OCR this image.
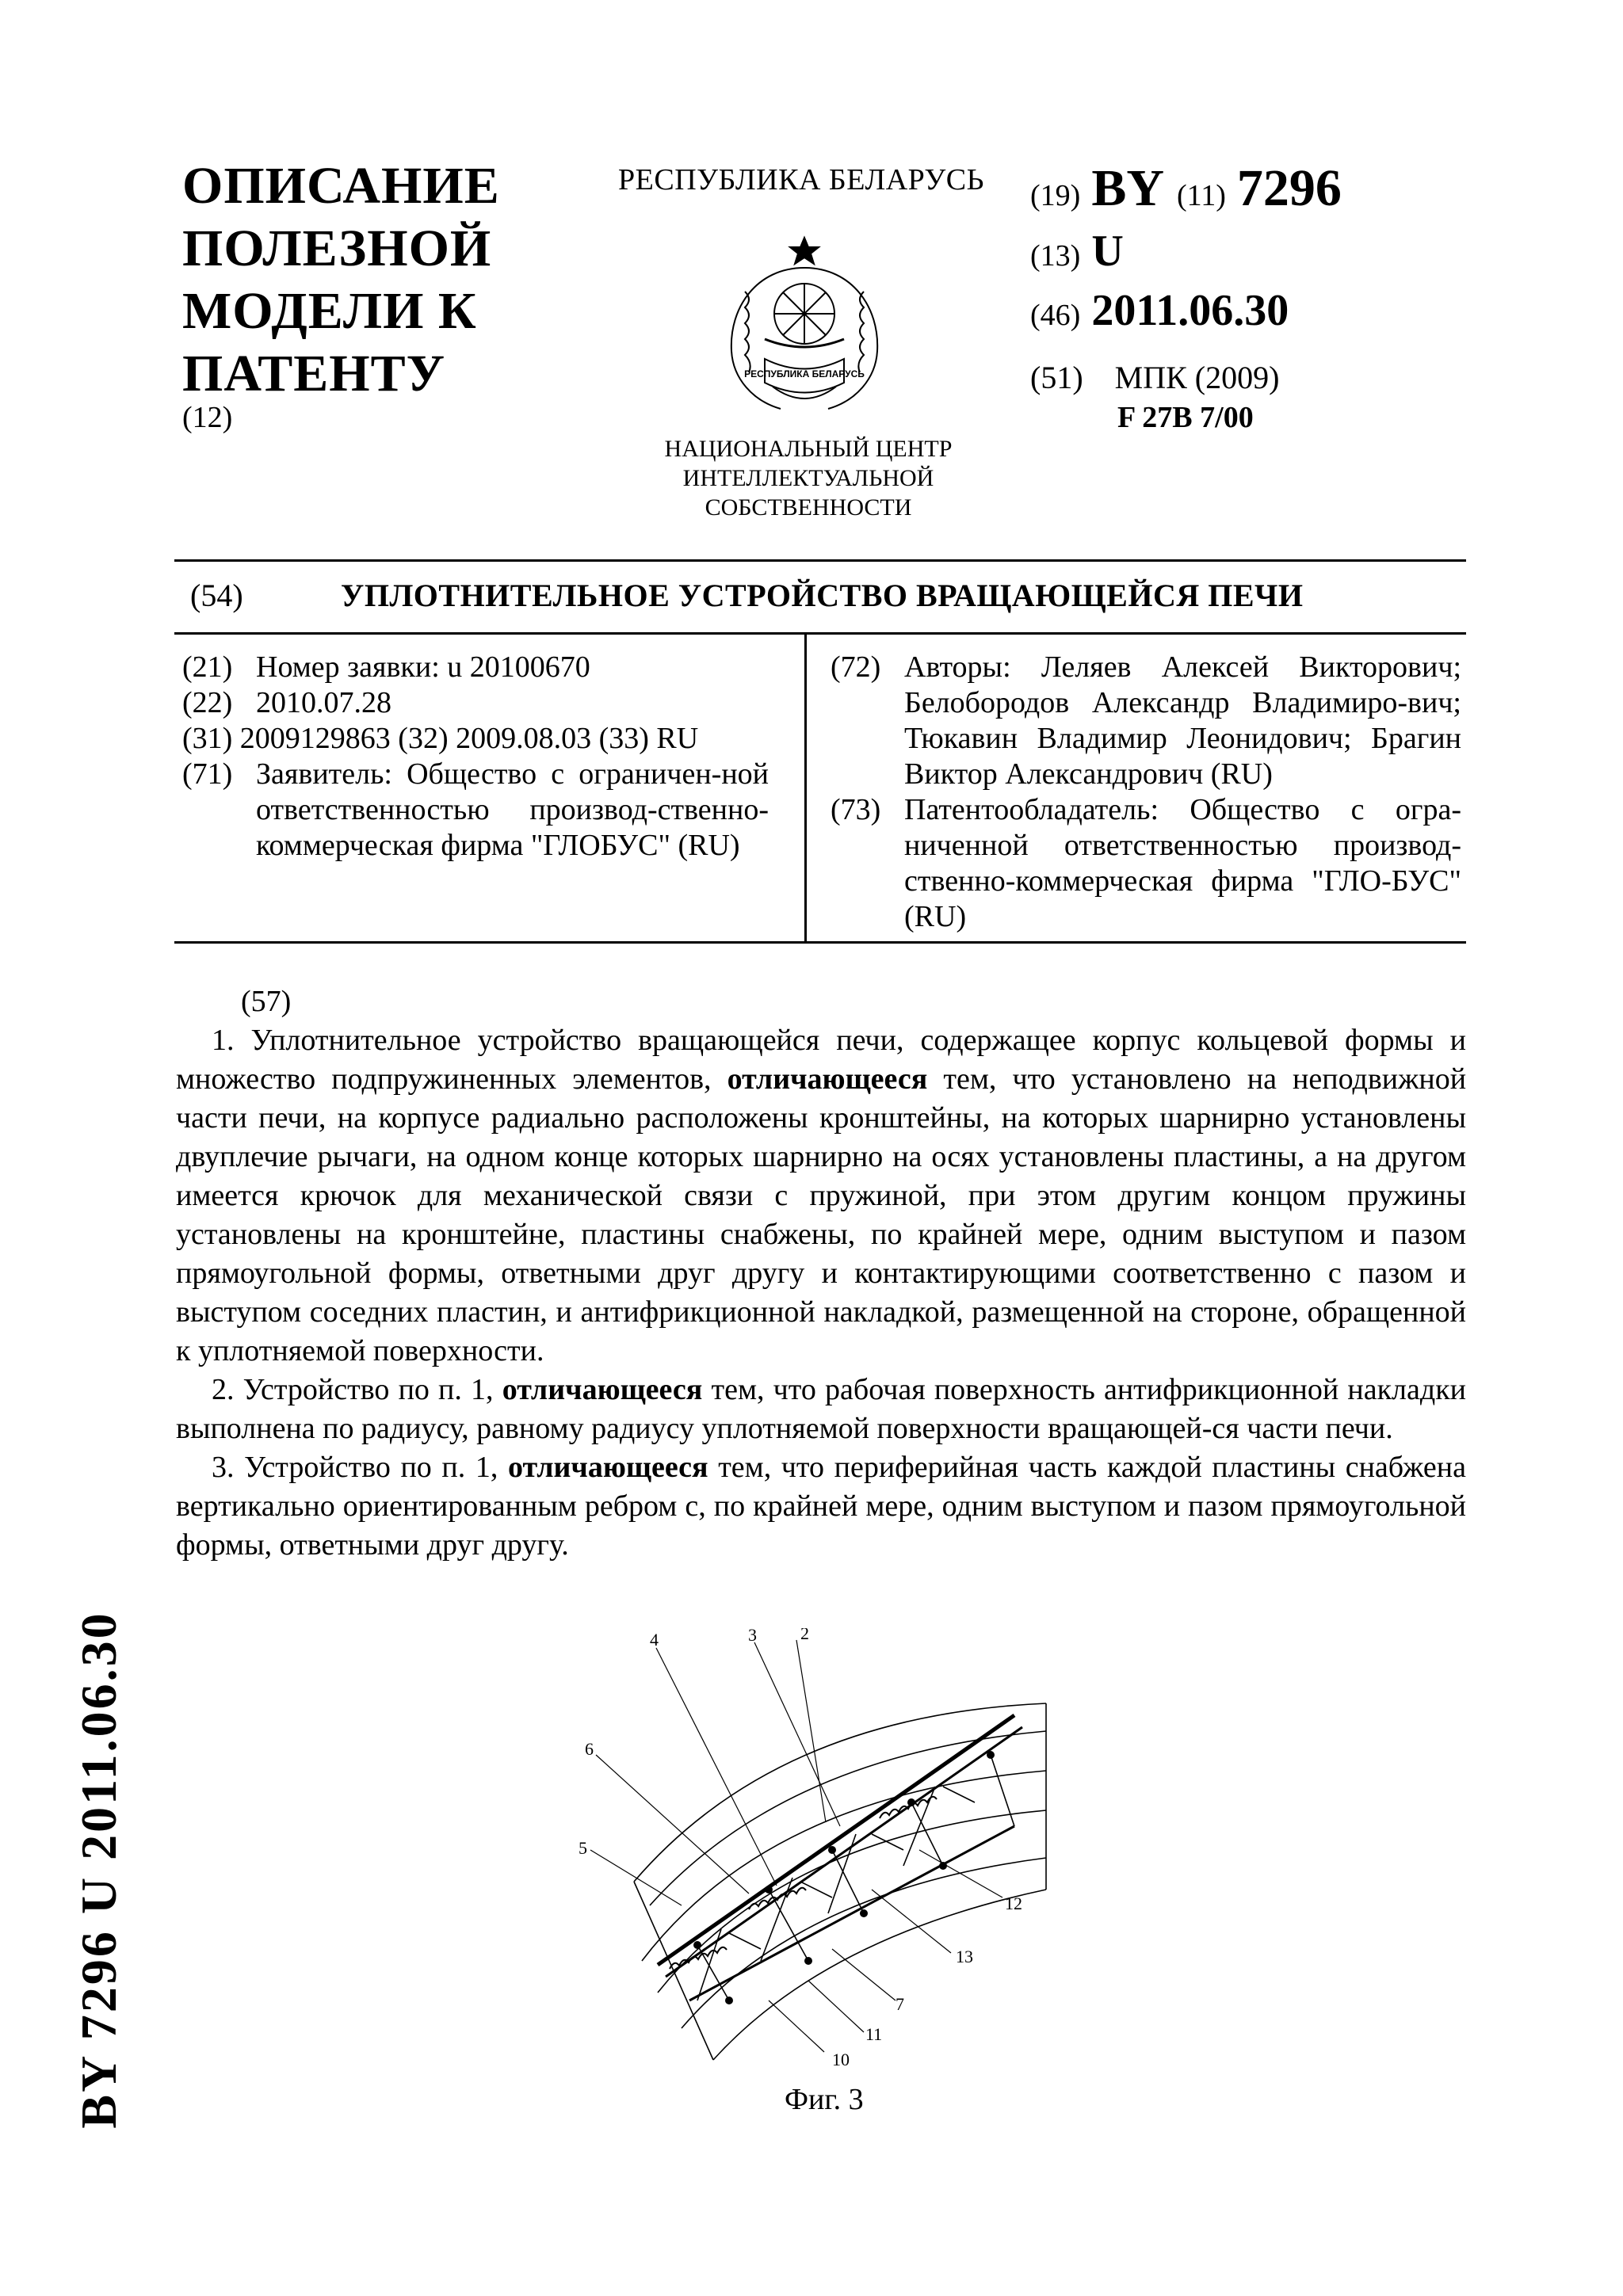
ОПИСАНИЕ
ПОЛЕЗНОЙ
МОДЕЛИ К
ПАТЕНТУ
(12)
РЕСПУБЛИКА БЕЛАРУСЬ
РЕСПУБЛИКА БЕЛАРУСЬ
НАЦИОНАЛЬНЫЙ ЦЕНТР
ИНТЕЛЛЕКТУАЛЬНОЙ
СОБСТВЕННОСТИ
(19) BY (11) 7296
(13) U
(46) 2011.06.30
(51) МПК (2009)
F 27B 7/00
(54)	УПЛОТНИТЕЛЬНОЕ УСТРОЙСТВО ВРАЩАЮЩЕЙСЯ ПЕЧИ
(21) Номер заявки: u 20100670
(22) 2010.07.28
(31) 2009129863 (32) 2009.08.03 (33) RU
(71) Заявитель: Общество с ограничен-ной ответственностью производ-ственно-коммерческая фирма "ГЛОБУС" (RU)
(72) Авторы: Леляев Алексей Викторович; Белобородов Александр Владимиро-вич; Тюкавин Владимир Леонидович; Брагин Виктор Александрович (RU)
(73) Патентообладатель: Общество с огра-ниченной ответственностью производ-ственно-коммерческая фирма "ГЛО-БУС" (RU)

(57)

1. Уплотнительное устройство вращающейся печи, содержащее корпус кольцевой формы и множество подпружиненных элементов, отличающееся тем, что установлено на неподвижной части печи, на корпусе радиально расположены кронштейны, на которых шарнирно установлены двуплечие рычаги, на одном конце которых шарнирно на осях установлены пластины, а на другом имеется крючок для механической связи с пружиной, при этом другим концом пружины установлены на кронштейне, пластины снабжены, по крайней мере, одним выступом и пазом прямоугольной формы, ответными друг другу и контактирующими соответственно с пазом и выступом соседних пластин, и антифрикционной накладкой, размещенной на стороне, обращенной к уплотняемой поверхности.

2. Устройство по п. 1, отличающееся тем, что рабочая поверхность антифрикционной накладки выполнена по радиусу, равному радиусу уплотняемой поверхности вращающей-ся части печи.

3. Устройство по п. 1, отличающееся тем, что периферийная часть каждой пластины снабжена вертикально ориентированным ребром с, по крайней мере, одним выступом и пазом прямоугольной формы, ответными друг другу.

2
3
4
5
6
7
10
11
12
13
Фиг. 3
BY 7296 U 2011.06.30
